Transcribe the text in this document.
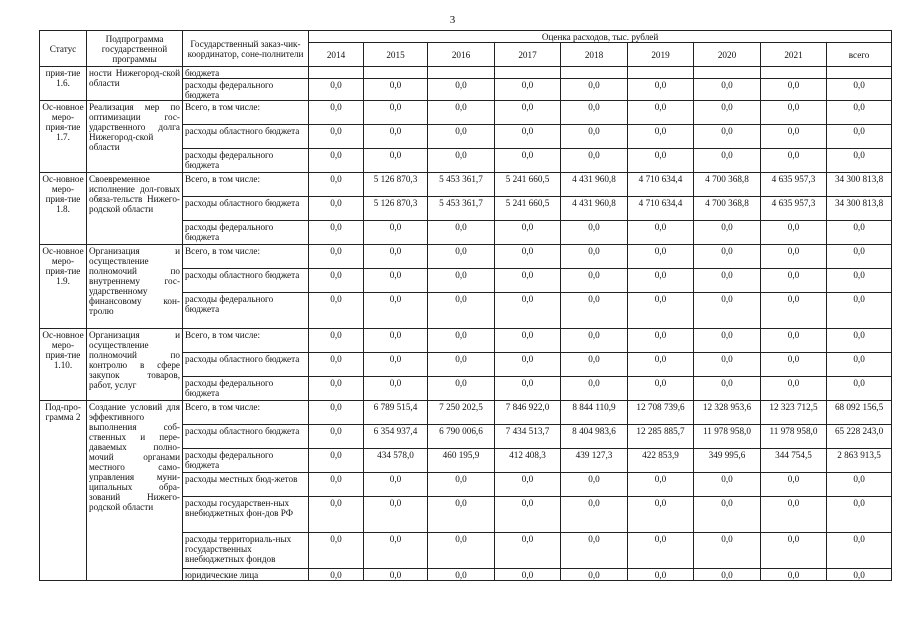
3
Статус	Подпрограмма государственной программы	Государственный заказ-чик-координатор, соне-полнители	Оценка расходов, тыс. рублей								
			2014	2015	2016	2017	2018	2019	2020	2021	всего
прия-тие 1.6.	ности Нижегород-ской области	бюджета									
		расходы федерального бюджета	0,0	0,0	0,0	0,0	0,0	0,0	0,0	0,0	0,0
Ос-новное меро-прия-тие 1.7.	Реализация мер по оптимизации гос-ударственного долга Нижегород-ской области	Всего, в том числе:	0,0	0,0	0,0	0,0	0,0	0,0	0,0	0,0	0,0
		расходы областного бюджета	0,0	0,0	0,0	0,0	0,0	0,0	0,0	0,0	0,0
		расходы федерального бюджета	0,0	0,0	0,0	0,0	0,0	0,0	0,0	0,0	0,0
Ос-новное меро-прия-тие 1.8.	Своевременное исполнение дол-говых обяза-тельств Нижего-родской области	Всего, в том числе:	0,0	5 126 870,3	5 453 361,7	5 241 660,5	4 431 960,8	4 710 634,4	4 700 368,8	4 635 957,3	34 300 813,8
		расходы областного бюджета	0,0	5 126 870,3	5 453 361,7	5 241 660,5	4 431 960,8	4 710 634,4	4 700 368,8	4 635 957,3	34 300 813,8
		расходы федерального бюджета	0,0	0,0	0,0	0,0	0,0	0,0	0,0	0,0	0,0
Ос-новное меро-прия-тие 1.9.	Организация и осуществление полномочий по внутреннему гос-ударственному финансовому кон-тролю	Всего, в том числе:	0,0	0,0	0,0	0,0	0,0	0,0	0,0	0,0	0,0
		расходы областного бюджета	0,0	0,0	0,0	0,0	0,0	0,0	0,0	0,0	0,0
		расходы федерального бюджета	0,0	0,0	0,0	0,0	0,0	0,0	0,0	0,0	0,0
Ос-новное меро-прия-тие 1.10.	Организация и осуществление полномочий по контролю в сфере закупок товаров, работ, услуг	Всего, в том числе:	0,0	0,0	0,0	0,0	0,0	0,0	0,0	0,0	0,0
		расходы областного бюджета	0,0	0,0	0,0	0,0	0,0	0,0	0,0	0,0	0,0
		расходы федерального бюджета	0,0	0,0	0,0	0,0	0,0	0,0	0,0	0,0	0,0
Под-про-грамма 2	Создание условий для эффективного выполнения соб-ственных и пере-даваемых полно-мочий органами местного само-управления муни-ципальных обра-зований Нижего-родской области	Всего, в том числе:	0,0	6 789 515,4	7 250 202,5	7 846 922,0	8 844 110,9	12 708 739,6	12 328 953,6	12 323 712,5	68 092 156,5
		расходы областного бюджета	0,0	6 354 937,4	6 790 006,6	7 434 513,7	8 404 983,6	12 285 885,7	11 978 958,0	11 978 958,0	65 228 243,0
		расходы федерального бюджета	0,0	434 578,0	460 195,9	412 408,3	439 127,3	422 853,9	349 995,6	344 754,5	2 863 913,5
		расходы местных бюд-жетов	0,0	0,0	0,0	0,0	0,0	0,0	0,0	0,0	0,0
		расходы государствен-ных внебюджетных фон-дов РФ	0,0	0,0	0,0	0,0	0,0	0,0	0,0	0,0	0,0
		расходы территориаль-ных государственных внебюджетных фондов	0,0	0,0	0,0	0,0	0,0	0,0	0,0	0,0	0,0
		юридические лица	0,0	0,0	0,0	0,0	0,0	0,0	0,0	0,0	0,0
